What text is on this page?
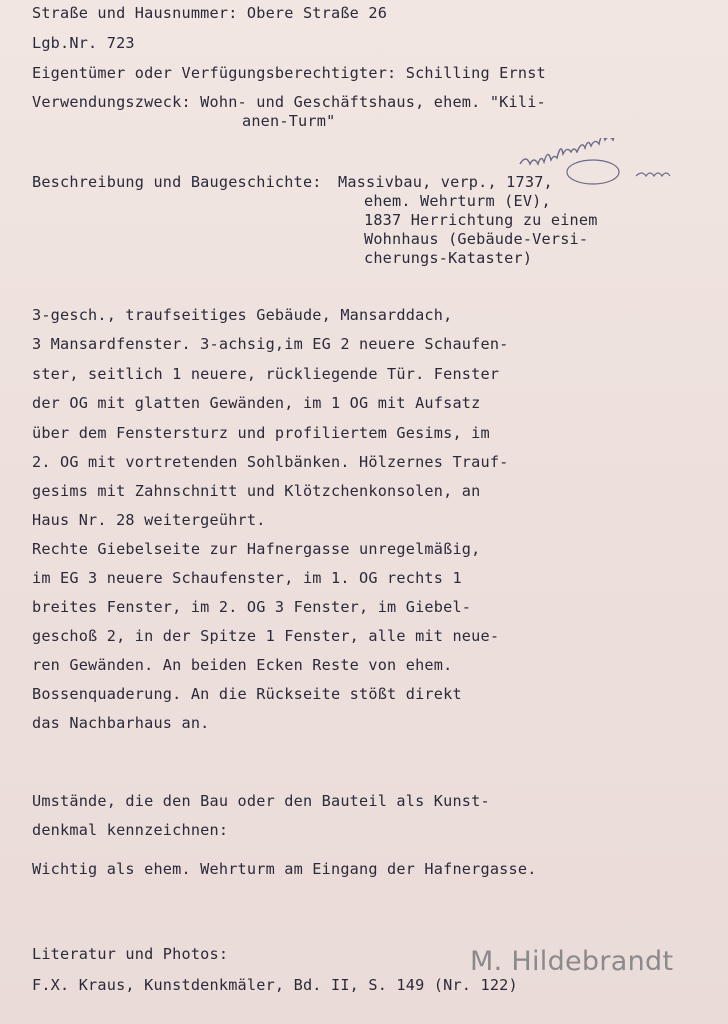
Straße und Hausnummer: Obere Straße 26
Lgb.Nr. 723
Eigentümer oder Verfügungsberechtigter: Schilling Ernst
Verwendungszweck: Wohn- und Geschäftshaus, ehem. "Kili-
anen-Turm"
Beschreibung und Baugeschichte: Massivbau, verp., 1737,
ehem. Wehrturm (EV),
1837 Herrichtung zu einem
Wohnhaus (Gebäude-Versi-
cherungs-Kataster)
3-gesch., traufseitiges Gebäude, Mansarddach,
3 Mansardfenster. 3-achsig,im EG 2 neuere Schaufen-
ster, seitlich 1 neuere, rückliegende Tür. Fenster
der OG mit glatten Gewänden, im 1 OG mit Aufsatz
über dem Fenstersturz und profiliertem Gesims, im
2. OG mit vortretenden Sohlbänken. Hölzernes Trauf-
gesims mit Zahnschnitt und Klötzchenkonsolen, an
Haus Nr. 28 weitergeührt.
Rechte Giebelseite zur Hafnergasse unregelmäßig,
im EG 3 neuere Schaufenster, im 1. OG rechts 1
breites Fenster, im 2. OG 3 Fenster, im Giebel-
geschoß 2, in der Spitze 1 Fenster, alle mit neue-
ren Gewänden. An beiden Ecken Reste von ehem.
Bossenquaderung. An die Rückseite stößt direkt
das Nachbarhaus an.
Umstände, die den Bau oder den Bauteil als Kunst-
denkmal kennzeichnen:
Wichtig als ehem. Wehrturm am Eingang der Hafnergasse.
Literatur und Photos:
F.X. Kraus, Kunstdenkmäler, Bd. II, S. 149 (Nr. 122)
M. Hildebrandt
